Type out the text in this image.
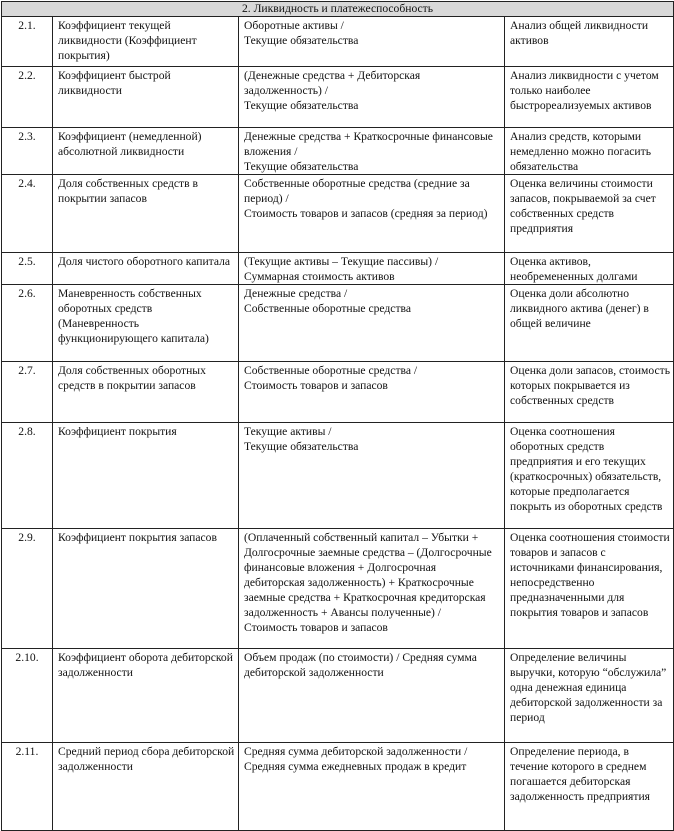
2. Ликвидность и платежеспособность			
2.1.	Коэффициент текущей ликвидности (Коэффициент покрытия)	Оборотные активы /
Текущие обязательства	Анализ общей ликвидности активов
2.2.	Коэффициент быстрой ликвидности	(Денежные средства + Дебиторская задолженность) /
Текущие обязательства	Анализ ликвидности с учетом только наиболее быстрореализуемых активов
2.3.	Коэффициент (немедленной) абсолютной ликвидности	Денежные средства + Краткосрочные финансовые вложения /
Текущие обязательства	Анализ средств, которыми немедленно можно погасить обязательства
2.4.	Доля собственных средств в покрытии запасов	Собственные оборотные средства (средние за период) /
Стоимость товаров и запасов (средняя за период)	Оценка величины стоимости запасов, покрываемой за счет собственных средств предприятия
2.5.	Доля чистого оборотного капитала	(Текущие активы – Текущие пассивы) /
Суммарная стоимость активов	Оценка активов, необремененных долгами
2.6.	Маневренность собственных оборотных средств (Маневренность функционирующего капитала)	Денежные средства /
Собственные оборотные средства	Оценка доли абсолютно ликвидного актива (денег) в общей величине
2.7.	Доля собственных оборотных средств в покрытии запасов	Собственные оборотные средства /
Стоимость товаров и запасов	Оценка доли запасов, стоимость которых покрывается из собственных средств
2.8.	Коэффициент покрытия	Текущие активы /
Текущие обязательства	Оценка соотношения оборотных средств предприятия и его текущих (краткосрочных) обязательств, которые предполагается покрыть из оборотных средств
2.9.	Коэффициент покрытия запасов	(Оплаченный собственный капитал – Убытки + Долгосрочные заемные средства – (Долгосрочные финансовые вложения + Долгосрочная дебиторская задолженность) + Краткосрочные заемные средства + Краткосрочная кредиторская задолженность + Авансы полученные) /
Стоимость товаров и запасов	Оценка соотношения стоимости товаров и запасов с источниками финансирования, непосредственно предназначенными для покрытия товаров и запасов
2.10.	Коэффициент оборота дебиторской задолженности	Объем продаж (по стоимости) / Средняя сумма дебиторской задолженности	Определение величины выручки, которую “обслужила” одна денежная единица дебиторской задолженности за период
2.11.	Средний период сбора дебиторской задолженности	Средняя сумма дебиторской задолженности /
Средняя сумма ежедневных продаж в кредит	Определение периода, в течение которого в среднем погашается дебиторская задолженность предприятия
